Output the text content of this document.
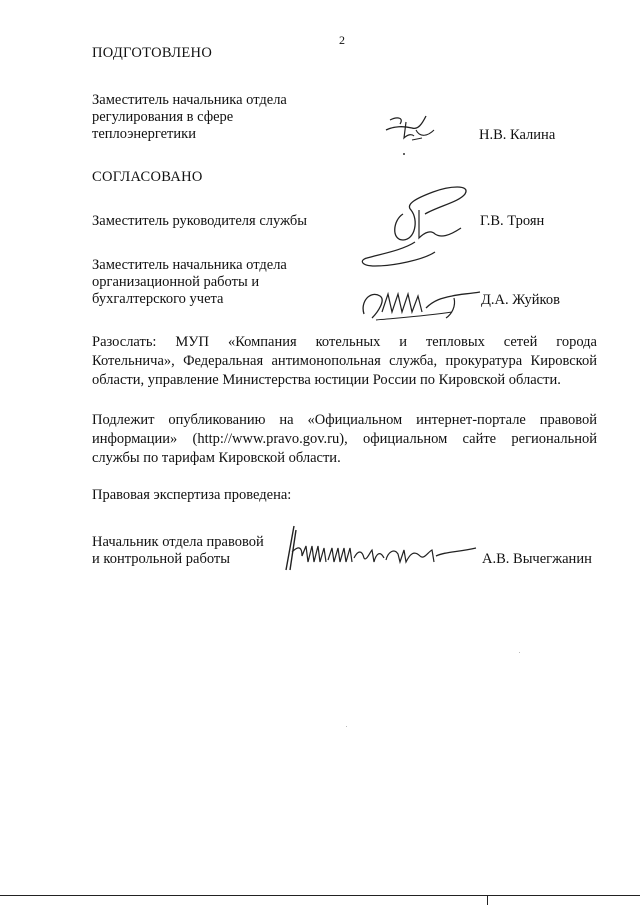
2
ПОДГОТОВЛЕНО
Заместитель начальника отдела
регулирования в сфере
теплоэнергетики	Н.В. Калина
СОГЛАСОВАНО
Заместитель руководителя службы	Г.В. Троян
Заместитель начальника отдела
организационной работы и
бухгалтерского учета	Д.А. Жуйков
Разослать: МУП «Компания котельных и тепловых сетей города
Котельнича», Федеральная антимонопольная служба, прокуратура Кировской
области, управление Министерства юстиции России по Кировской области.
Подлежит опубликованию на «Официальном интернет-портале правовой
информации» (http://www.pravo.gov.ru), официальном сайте региональной
службы по тарифам Кировской области.
Правовая экспертиза проведена:
Начальник отдела правовой
и контрольной работы	А.В. Вычегжанин
